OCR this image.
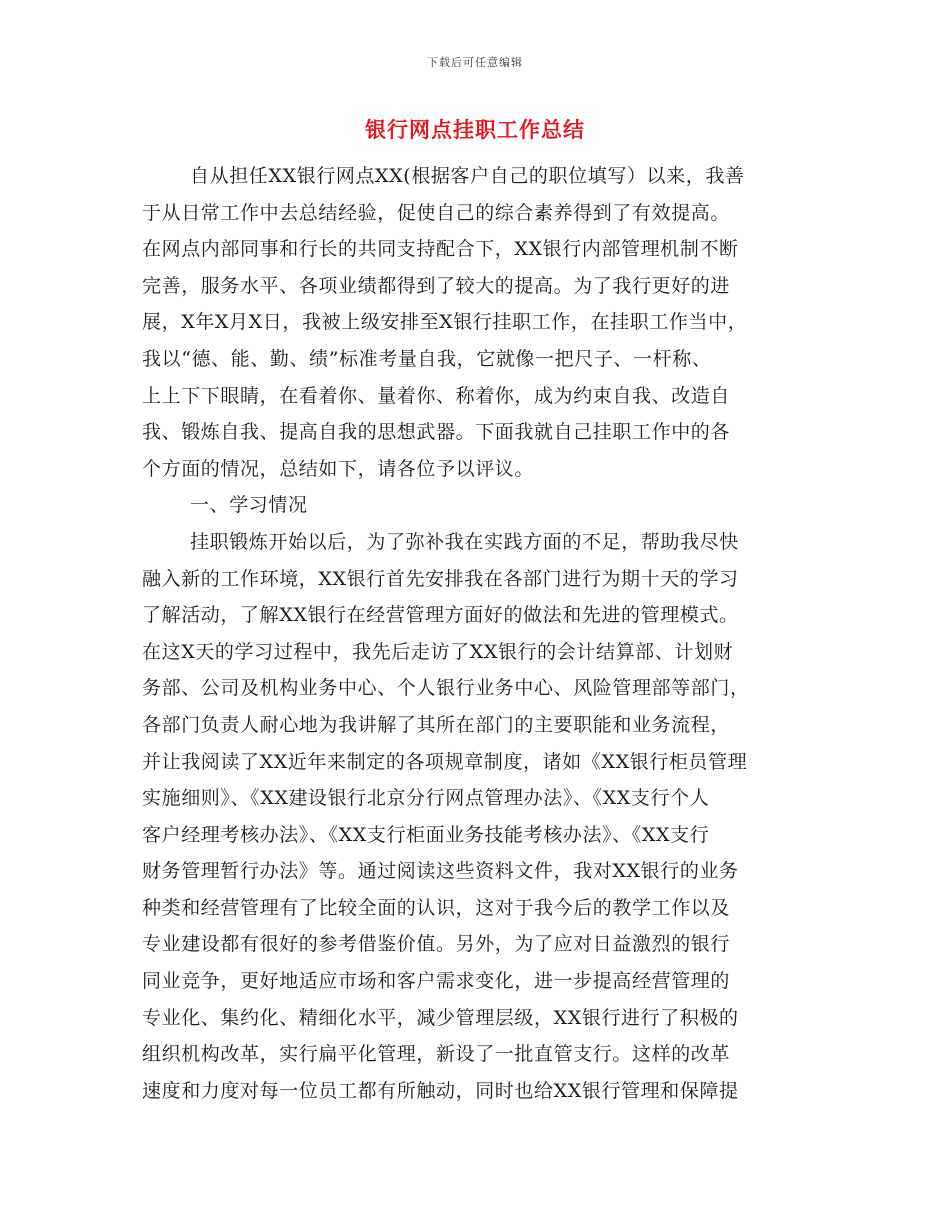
下载后可任意编辑
银行网点挂职工作总结
自从担任XX银行网点XX(根据客户自己的职位填写）以来，我善
于从日常工作中去总结经验，促使自己的综合素养得到了有效提高。
在网点内部同事和行长的共同支持配合下，XX银行内部管理机制不断
完善，服务水平、各项业绩都得到了较大的提高。为了我行更好的进
展，X年X月X日，我被上级安排至X银行挂职工作，在挂职工作当中，
我以“德、能、勤、绩”标准考量自我，它就像一把尺子、一杆称、
上上下下眼睛，在看着你、量着你、称着你，成为约束自我、改造自
我、锻炼自我、提高自我的思想武器。下面我就自己挂职工作中的各
个方面的情况，总结如下，请各位予以评议。
一、学习情况
挂职锻炼开始以后，为了弥补我在实践方面的不足，帮助我尽快
融入新的工作环境，XX银行首先安排我在各部门进行为期十天的学习
了解活动，了解XX银行在经营管理方面好的做法和先进的管理模式。
在这X天的学习过程中，我先后走访了XX银行的会计结算部、计划财
务部、公司及机构业务中心、个人银行业务中心、风险管理部等部门，
各部门负责人耐心地为我讲解了其所在部门的主要职能和业务流程，
并让我阅读了XX近年来制定的各项规章制度，诸如《XX银行柜员管理
实施细则》、《XX建设银行北京分行网点管理办法》、《XX支行个人
客户经理考核办法》、《XX支行柜面业务技能考核办法》、《XX支行
财务管理暂行办法》等。通过阅读这些资料文件，我对XX银行的业务
种类和经营管理有了比较全面的认识，这对于我今后的教学工作以及
专业建设都有很好的参考借鉴价值。另外，为了应对日益激烈的银行
同业竞争，更好地适应市场和客户需求变化，进一步提高经营管理的
专业化、集约化、精细化水平，减少管理层级，XX银行进行了积极的
组织机构改革，实行扁平化管理，新设了一批直管支行。这样的改革
速度和力度对每一位员工都有所触动，同时也给XX银行管理和保障提
